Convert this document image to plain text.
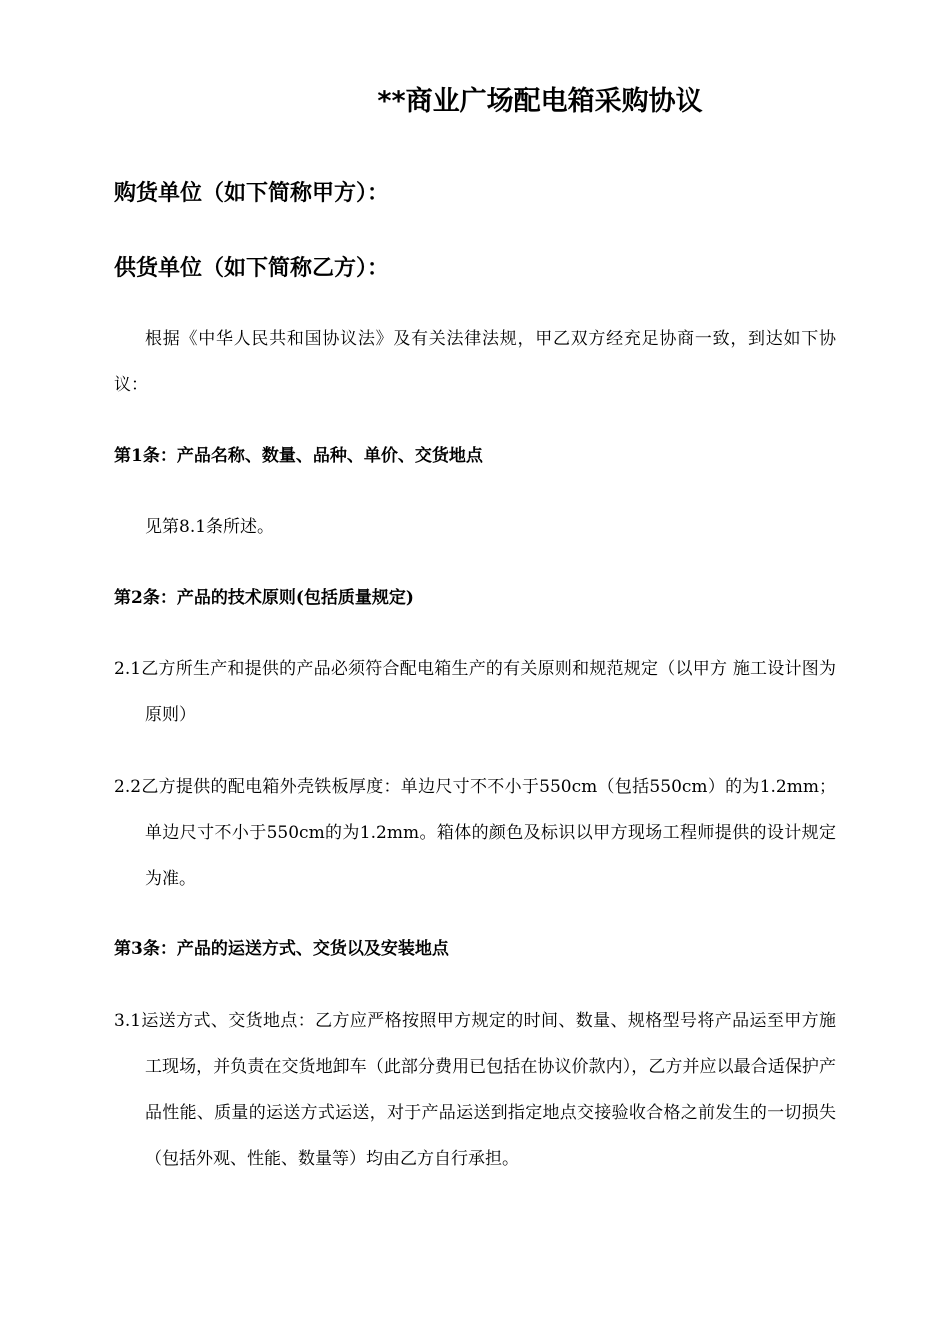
**商业广场配电箱采购协议

购货单位（如下简称甲方）：

供货单位（如下简称乙方）：

根据《中华人民共和国协议法》及有关法律法规，甲乙双方经充足协商一致，到达如下协议：

第1条：产品名称、数量、品种、单价、交货地点

见第8.1条所述。

第2条：产品的技术原则(包括质量规定)

2.1乙方所生产和提供的产品必须符合配电箱生产的有关原则和规范规定（以甲方 施工设计图为原则）

2.2乙方提供的配电箱外壳铁板厚度：单边尺寸不不小于550cm（包括550cm）的为1.2mm；单边尺寸不小于550cm的为1.2mm。箱体的颜色及标识以甲方现场工程师提供的设计规定为准。

第3条：产品的运送方式、交货以及安装地点

3.1运送方式、交货地点：乙方应严格按照甲方规定的时间、数量、规格型号将产品运至甲方施工现场，并负责在交货地卸车（此部分费用已包括在协议价款内），乙方并应以最合适保护产品性能、质量的运送方式运送，对于产品运送到指定地点交接验收合格之前发生的一切损失（包括外观、性能、数量等）均由乙方自行承担。
